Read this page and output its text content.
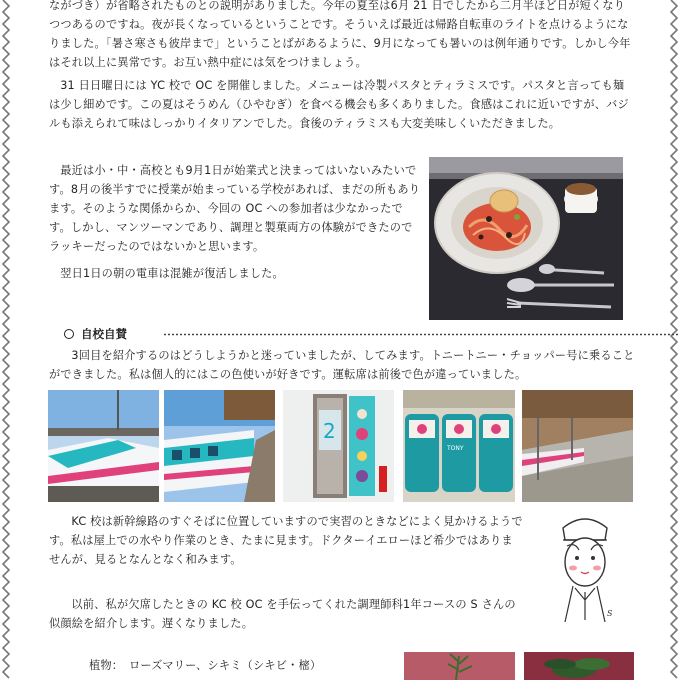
ながづき）が省略されたものとの説明がありました。今年の夏至は6月 21 日でしたから二月半ほど日が短くなりつつあるのですね。夜が長くなっているということです。そういえば最近は帰路自転車のライトを点けるようになりました。「暑さ寒さも彼岸まで」ということばがあるように、9月になっても暑いのは例年通りです。しかし今年はそれ以上に異常です。お互い熱中症には気をつけましょう。

31 日日曜日には YC 校で OC を開催しました。メニューは冷製パスタとティラミスです。パスタと言っても麺は少し細めです。この夏はそうめん（ひやむぎ）を食べる機会も多くありました。食感はこれに近いですが、バジルも添えられて味はしっかりイタリアンでした。食後のティラミスも大変美味しくいただきました。

最近は小・中・高校とも9月1日が始業式と決まってはいないみたいです。8月の後半すでに授業が始まっている学校があれば、まだの所もあります。そのような関係からか、今回の OC への参加者は少なかったです。しかし、マンツーマンであり、調理と製菓両方の体験ができたのでラッキーだったのではないかと思います。

翌日1日の朝の電車は混雑が復活しました。

自校自賛

3回目を紹介するのはどうしようかと迷っていましたが、してみます。トニートニー・チョッパー号に乗ることができました。私は個人的にはこの色使いが好きです。運転席は前後で色が違っていました。

2
TONY

KC 校は新幹線路のすぐそばに位置していますので実習のときなどによく見かけるようです。私は屋上での水やり作業のとき、たまに見ます。ドクターイエローほど希少ではありませんが、見るとなんとなく和みます。

以前、私が欠席したときの KC 校 OC を手伝ってくれた調理師科1年コースの S さんの似顔絵を紹介します。遅くなりました。

S

植物：　ローズマリー、シキミ（シキビ・樒）
